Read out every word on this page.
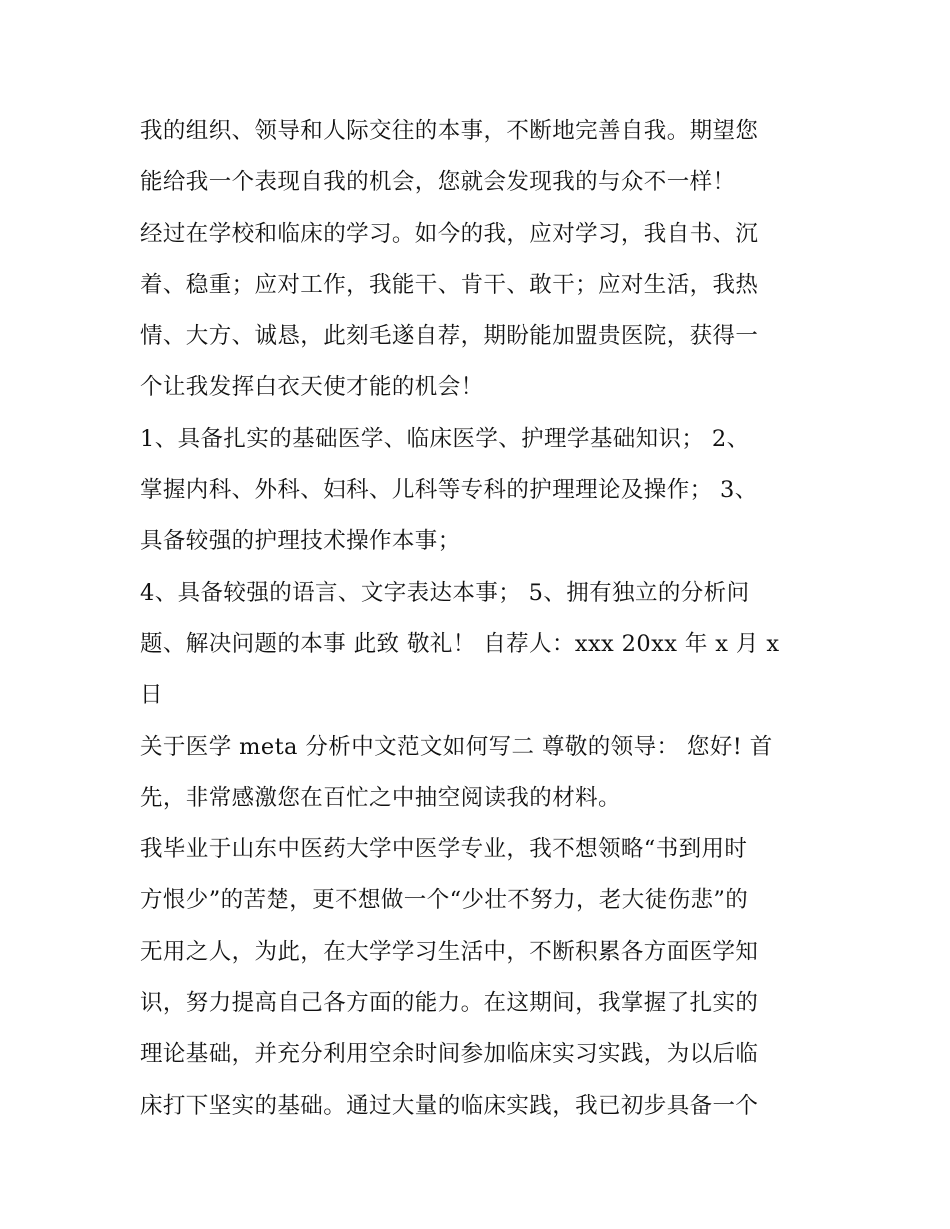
我的组织、领导和人际交往的本事，不断地完善自我。期望您
能给我一个表现自我的机会，您就会发现我的与众不一样！

经过在学校和临床的学习。如今的我，应对学习，我自书、沉
着、稳重；应对工作，我能干、肯干、敢干；应对生活，我热
情、大方、诚恳，此刻毛遂自荐，期盼能加盟贵医院，获得一
个让我发挥白衣天使才能的机会！

1、具备扎实的基础医学、临床医学、护理学基础知识； 2、
掌握内科、外科、妇科、儿科等专科的护理理论及操作； 3、
具备较强的护理技术操作本事；

4、具备较强的语言、文字表达本事； 5、拥有独立的分析问
题、解决问题的本事 此致 敬礼！ 自荐人：xxx 20xx 年 x 月 x
日

关于医学 meta 分析中文范文如何写二 尊敬的领导： 您好! 首
先，非常感激您在百忙之中抽空阅读我的材料。

我毕业于山东中医药大学中医学专业，我不想领略“书到用时
方恨少”的苦楚，更不想做一个“少壮不努力，老大徒伤悲”的
无用之人，为此，在大学学习生活中，不断积累各方面医学知
识，努力提高自己各方面的能力。在这期间，我掌握了扎实的
理论基础，并充分利用空余时间参加临床实习实践，为以后临
床打下坚实的基础。通过大量的临床实践，我已初步具备一个
